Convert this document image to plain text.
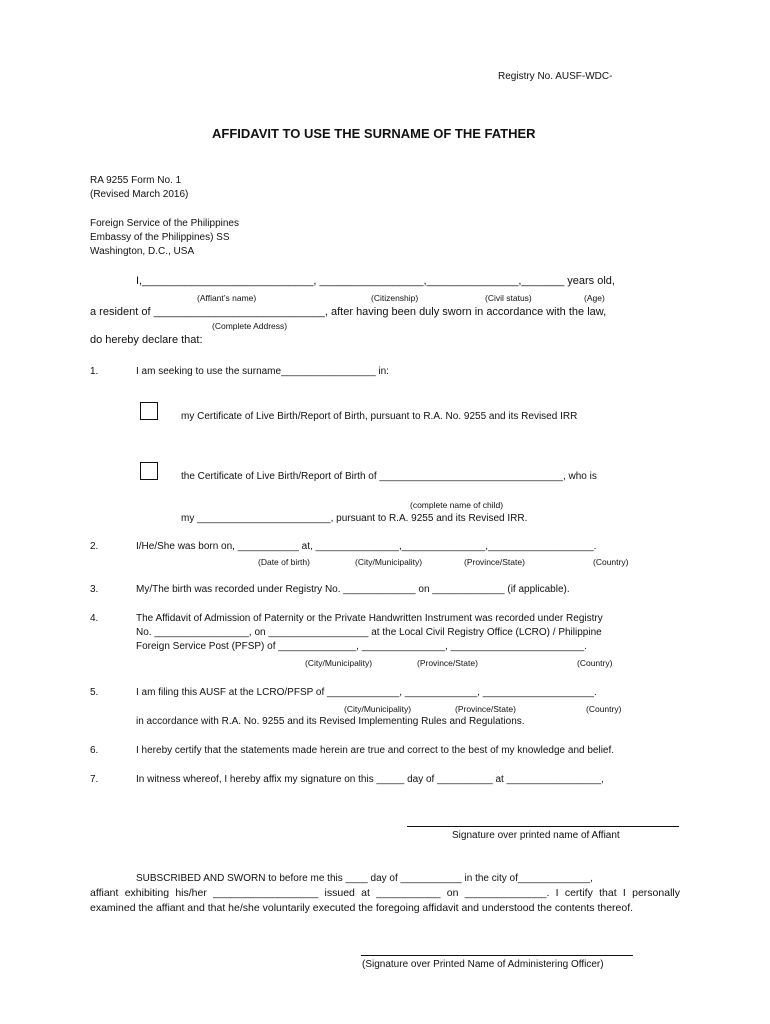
Registry No. AUSF-WDC-
AFFIDAVIT TO USE THE SURNAME OF THE FATHER
RA 9255 Form No. 1
(Revised March 2016)
Foreign Service of the Philippines
Embassy of the Philippines) SS
Washington, D.C., USA
I,____________________________, _________________,_______________,_______ years old,
(Affiant’s name)	(Citizenship)	(Civil status)	(Age)
a resident of ____________________________, after having been duly sworn in accordance with the law,
(Complete Address)
do hereby declare that:
1.	I am seeking to use the surname_________________ in:
my Certificate of Live Birth/Report of Birth, pursuant to R.A. No. 9255 and its Revised IRR
the Certificate of Live Birth/Report of Birth of _________________________________, who is
(complete name of child)
my ________________________, pursuant to R.A. 9255 and its Revised IRR.
2.	I/He/She was born on, ___________ at, _______________,_______________,___________________.
(Date of birth)	(City/Municipality)	(Province/State)	(Country)
3.	My/The birth was recorded under Registry No. _____________ on _____________ (if applicable).
4.	The Affidavit of Admission of Paternity or the Private Handwritten Instrument was recorded under Registry
No. _________________, on __________________ at the Local Civil Registry Office (LCRO) / Philippine
Foreign Service Post (PFSP) of ______________, _______________, ________________________.
(City/Municipality)	(Province/State)	(Country)
5.	I am filing this AUSF at the LCRO/PFSP of _____________, _____________, ____________________.
(City/Municipality)	(Province/State)	(Country)
in accordance with R.A. No. 9255 and its Revised Implementing Rules and Regulations.
6.	I hereby certify that the statements made herein are true and correct to the best of my knowledge and belief.
7.	In witness whereof, I hereby affix my signature on this _____ day of __________ at _________________,
Signature over printed name of Affiant
SUBSCRIBED AND SWORN to before me this ____ day of ___________ in the city of_____________,
affiant exhibiting his/her __________________ issued at ___________ on ______________. I certify that I personally examined the affiant and that he/she voluntarily executed the foregoing affidavit and understood the contents thereof.
(Signature over Printed Name of Administering Officer)
